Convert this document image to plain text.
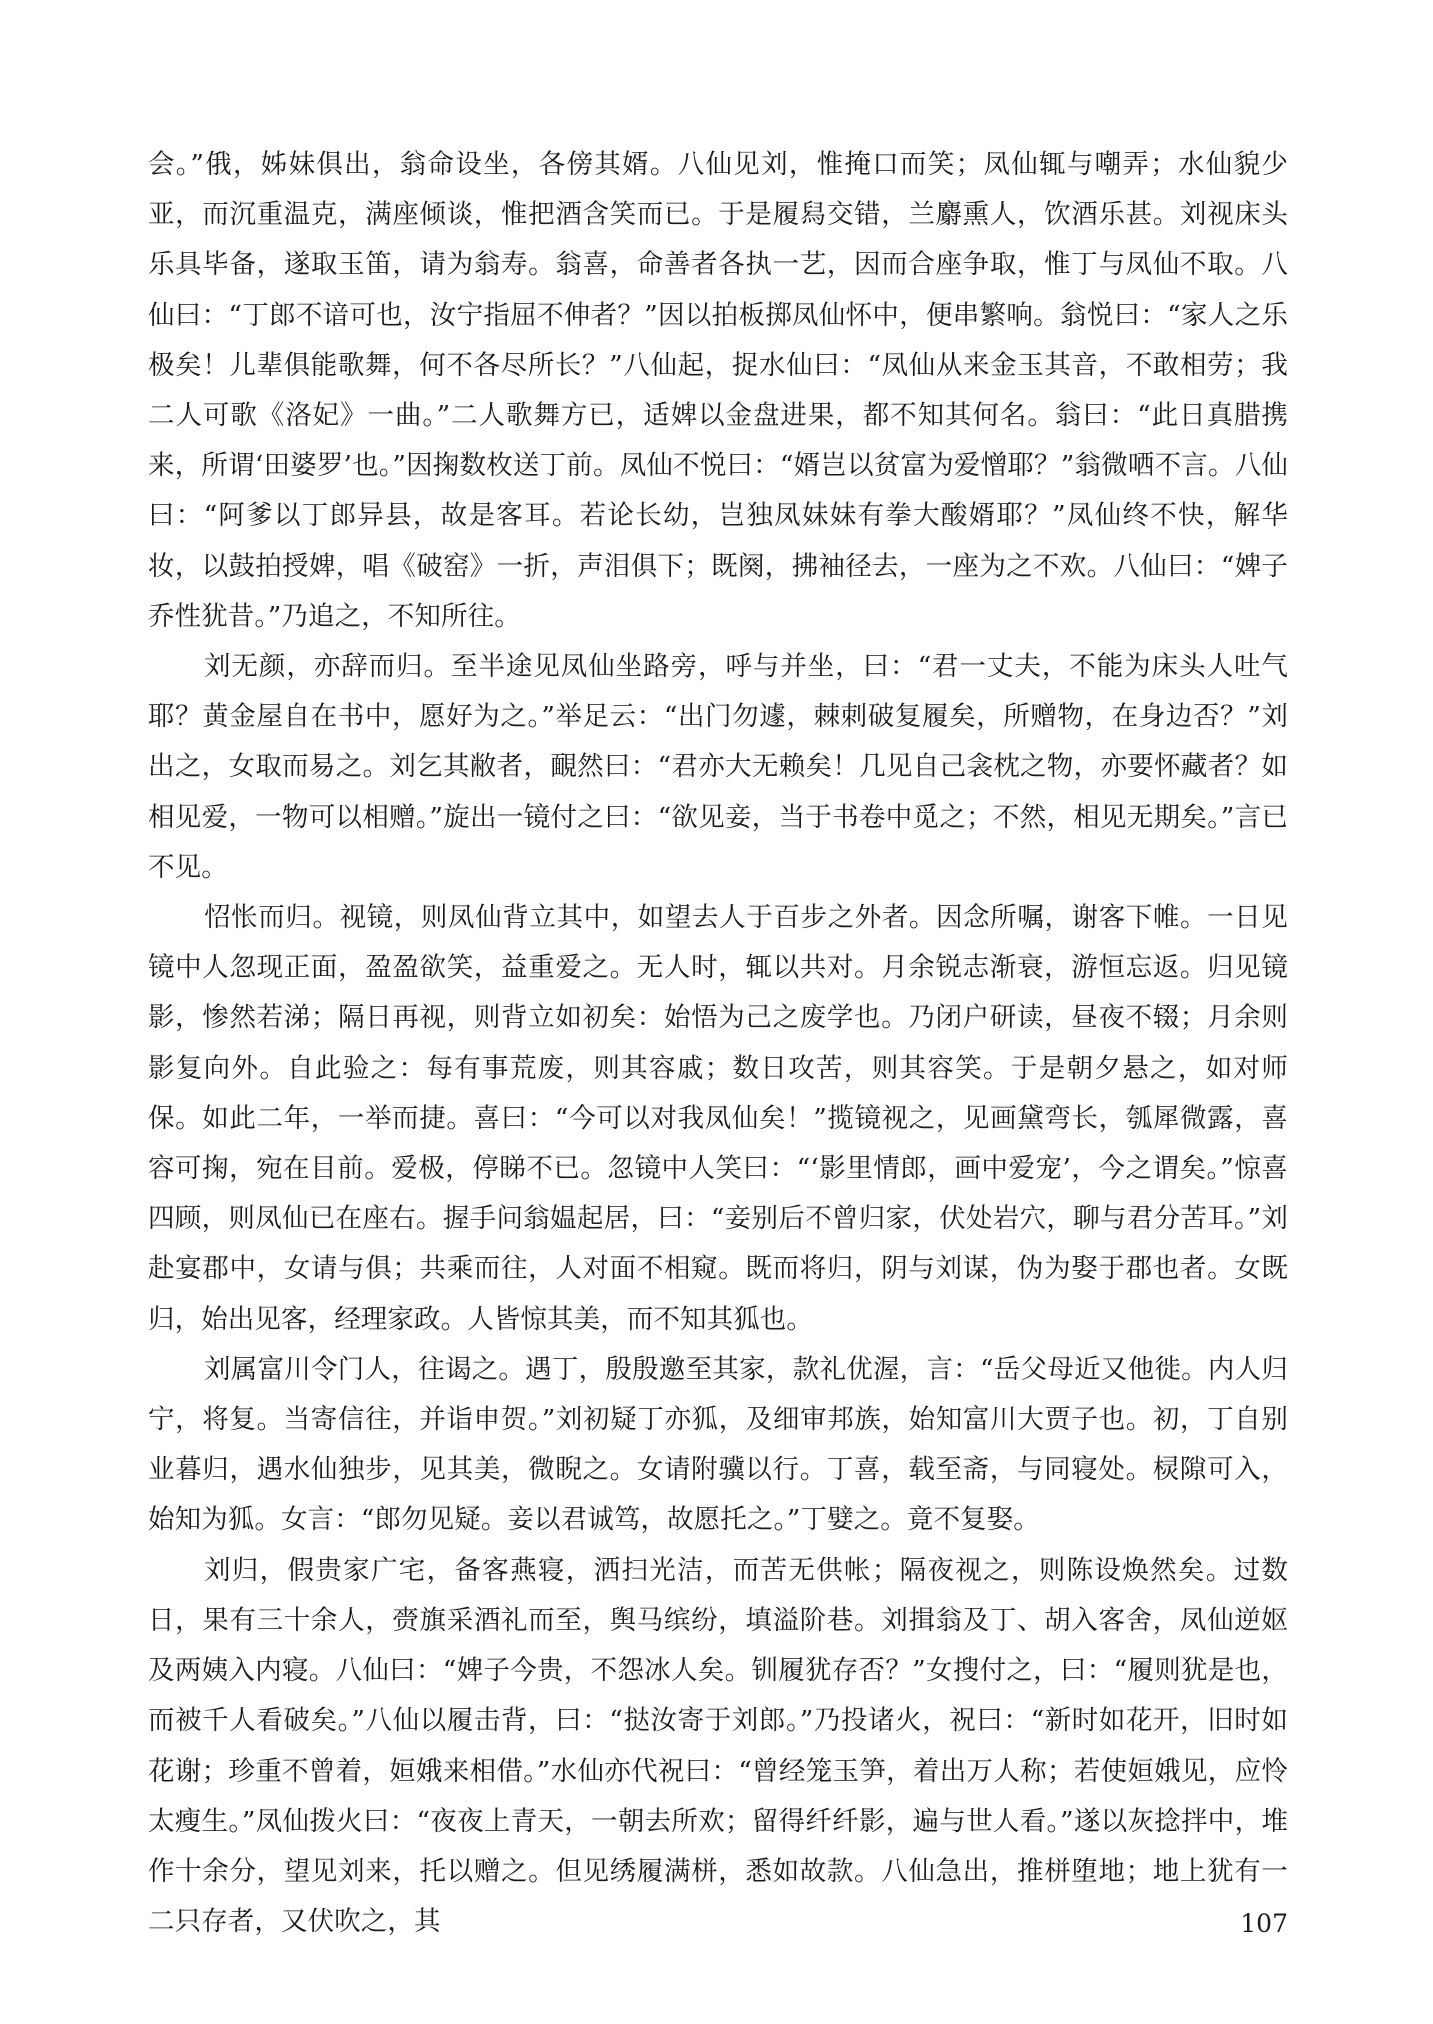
会。”俄，姊妹俱出，翁命设坐，各傍其婿。八仙见刘，惟掩口而笑；凤仙辄与嘲弄；水仙貌少亚，而沉重温克，满座倾谈，惟把酒含笑而已。于是履舄交错，兰麝熏人，饮酒乐甚。刘视床头乐具毕备，遂取玉笛，请为翁寿。翁喜，命善者各执一艺，因而合座争取，惟丁与凤仙不取。八仙曰：“丁郎不谙可也，汝宁指屈不伸者？”因以拍板掷凤仙怀中，便串繁响。翁悦曰：“家人之乐极矣！儿辈俱能歌舞，何不各尽所长？”八仙起，捉水仙曰：“凤仙从来金玉其音，不敢相劳；我二人可歌《洛妃》一曲。”二人歌舞方已，适婢以金盘进果，都不知其何名。翁曰：“此日真腊携来，所谓‘田婆罗’也。”因掬数枚送丁前。凤仙不悦曰：“婿岂以贫富为爱憎耶？”翁微哂不言。八仙曰：“阿爹以丁郎异县，故是客耳。若论长幼，岂独凤妹妹有拳大酸婿耶？”凤仙终不快，解华妆，以鼓拍授婢，唱《破窑》一折，声泪俱下；既阕，拂袖径去，一座为之不欢。八仙曰：“婢子乔性犹昔。”乃追之，不知所往。

刘无颜，亦辞而归。至半途见凤仙坐路旁，呼与并坐，曰：“君一丈夫，不能为床头人吐气耶？黄金屋自在书中，愿好为之。”举足云：“出门勿遽，棘刺破复履矣，所赠物，在身边否？”刘出之，女取而易之。刘乞其敝者，靦然曰：“君亦大无赖矣！几见自己衾枕之物，亦要怀藏者？如相见爱，一物可以相赠。”旋出一镜付之曰：“欲见妾，当于书卷中觅之；不然，相见无期矣。”言已不见。

怊怅而归。视镜，则凤仙背立其中，如望去人于百步之外者。因念所嘱，谢客下帷。一日见镜中人忽现正面，盈盈欲笑，益重爱之。无人时，辄以共对。月余锐志渐衰，游恒忘返。归见镜影，惨然若涕；隔日再视，则背立如初矣：始悟为己之废学也。乃闭户研读，昼夜不辍；月余则影复向外。自此验之：每有事荒废，则其容戚；数日攻苦，则其容笑。于是朝夕悬之，如对师保。如此二年，一举而捷。喜曰：“今可以对我凤仙矣！”揽镜视之，见画黛弯长，瓠犀微露，喜容可掬，宛在目前。爱极，停睇不已。忽镜中人笑曰：“‘影里情郎，画中爱宠’，今之谓矣。”惊喜四顾，则凤仙已在座右。握手问翁媪起居，曰：“妾别后不曾归家，伏处岩穴，聊与君分苦耳。”刘赴宴郡中，女请与俱；共乘而往，人对面不相窥。既而将归，阴与刘谋，伪为娶于郡也者。女既归，始出见客，经理家政。人皆惊其美，而不知其狐也。

刘属富川令门人，往谒之。遇丁，殷殷邀至其家，款礼优渥，言：“岳父母近又他徙。内人归宁，将复。当寄信往，并诣申贺。”刘初疑丁亦狐，及细审邦族，始知富川大贾子也。初，丁自别业暮归，遇水仙独步，见其美，微睨之。女请附骥以行。丁喜，载至斋，与同寝处。棂隙可入，始知为狐。女言：“郎勿见疑。妾以君诚笃，故愿托之。”丁嬖之。竟不复娶。

刘归，假贵家广宅，备客燕寝，洒扫光洁，而苦无供帐；隔夜视之，则陈设焕然矣。过数日，果有三十余人，赍旗采酒礼而至，舆马缤纷，填溢阶巷。刘揖翁及丁、胡入客舍，凤仙逆妪及两姨入内寝。八仙曰：“婢子今贵，不怨冰人矣。钏履犹存否？”女搜付之，曰：“履则犹是也，而被千人看破矣。”八仙以履击背，曰：“挞汝寄于刘郎。”乃投诸火，祝曰：“新时如花开，旧时如花谢；珍重不曾着，姮娥来相借。”水仙亦代祝曰：“曾经笼玉笋，着出万人称；若使姮娥见，应怜太瘦生。”凤仙拨火曰：“夜夜上青天，一朝去所欢；留得纤纤影，遍与世人看。”遂以灰捻拌中，堆作十余分，望见刘来，托以赠之。但见绣履满栟，悉如故款。八仙急出，推栟堕地；地上犹有一二只存者，又伏吹之，其	107
